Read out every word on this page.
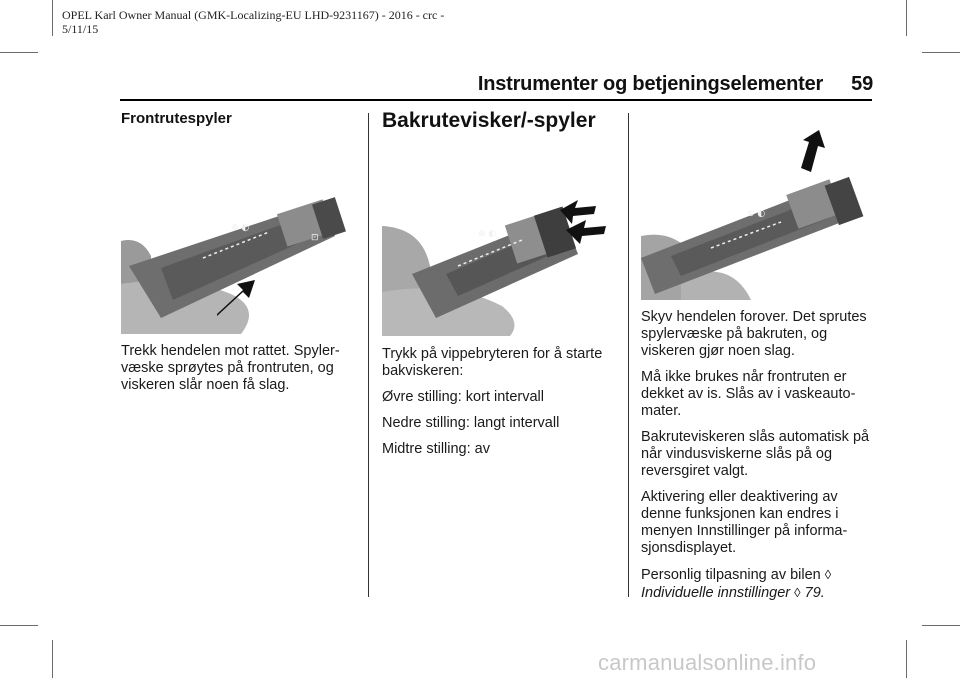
OPEL Karl Owner Manual (GMK-Localizing-EU LHD-9231167) - 2016 - crc -
5/11/15
Instrumenter og betjeningselementer 59
Frontrutespyler
⊕ ◐
⊡
Trekk hendelen mot rattet. Spylervæske sprøytes på frontruten, og viskeren slår noen få slag.
Bakrutevisker/-spyler
⊕ ◐

Trykk på vippebryteren for å starte bakviskeren:

Øvre stilling: kort intervall

Nedre stilling: langt intervall

Midtre stilling: av

⊕ ◐

Skyv hendelen forover. Det sprutes spylervæske på bakruten, og viskeren gjør noen slag.

Må ikke brukes når frontruten er dekket av is. Slås av i vaskeautomater.

Bakruteviskeren slås automatisk på når vindusviskerne slås på og reversgiret valgt.

Aktivering eller deaktivering av denne funksjonen kan endres i menyen Innstillinger på informasjonsdisplayet.

Personlig tilpasning av bilen ◊
Individuelle innstillinger ◊ 79.

carmanualsonline.info
